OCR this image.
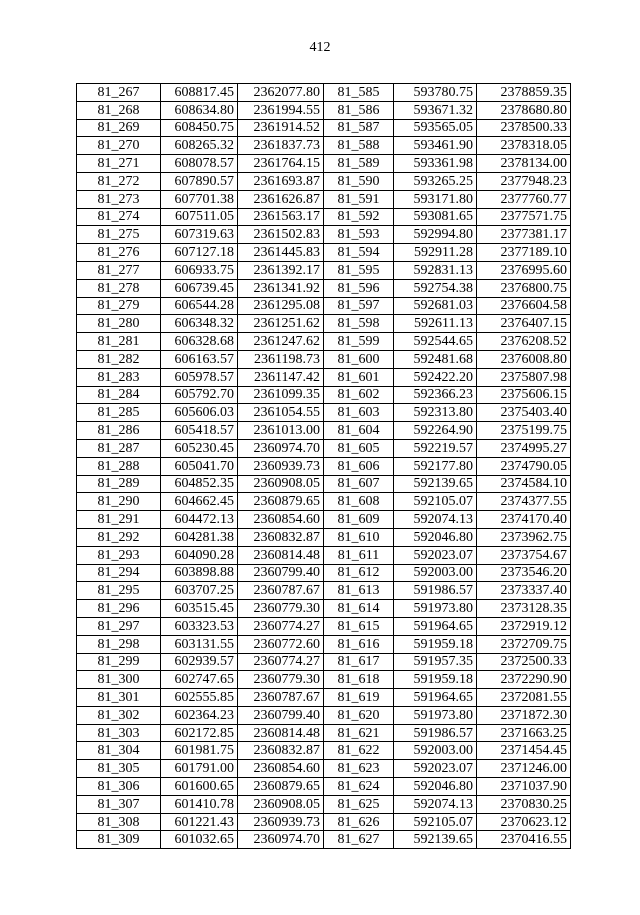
412
81_267	608817.45	2362077.80	81_585	593780.75	2378859.35
81_268	608634.80	2361994.55	81_586	593671.32	2378680.80
81_269	608450.75	2361914.52	81_587	593565.05	2378500.33
81_270	608265.32	2361837.73	81_588	593461.90	2378318.05
81_271	608078.57	2361764.15	81_589	593361.98	2378134.00
81_272	607890.57	2361693.87	81_590	593265.25	2377948.23
81_273	607701.38	2361626.87	81_591	593171.80	2377760.77
81_274	607511.05	2361563.17	81_592	593081.65	2377571.75
81_275	607319.63	2361502.83	81_593	592994.80	2377381.17
81_276	607127.18	2361445.83	81_594	592911.28	2377189.10
81_277	606933.75	2361392.17	81_595	592831.13	2376995.60
81_278	606739.45	2361341.92	81_596	592754.38	2376800.75
81_279	606544.28	2361295.08	81_597	592681.03	2376604.58
81_280	606348.32	2361251.62	81_598	592611.13	2376407.15
81_281	606328.68	2361247.62	81_599	592544.65	2376208.52
81_282	606163.57	2361198.73	81_600	592481.68	2376008.80
81_283	605978.57	2361147.42	81_601	592422.20	2375807.98
81_284	605792.70	2361099.35	81_602	592366.23	2375606.15
81_285	605606.03	2361054.55	81_603	592313.80	2375403.40
81_286	605418.57	2361013.00	81_604	592264.90	2375199.75
81_287	605230.45	2360974.70	81_605	592219.57	2374995.27
81_288	605041.70	2360939.73	81_606	592177.80	2374790.05
81_289	604852.35	2360908.05	81_607	592139.65	2374584.10
81_290	604662.45	2360879.65	81_608	592105.07	2374377.55
81_291	604472.13	2360854.60	81_609	592074.13	2374170.40
81_292	604281.38	2360832.87	81_610	592046.80	2373962.75
81_293	604090.28	2360814.48	81_611	592023.07	2373754.67
81_294	603898.88	2360799.40	81_612	592003.00	2373546.20
81_295	603707.25	2360787.67	81_613	591986.57	2373337.40
81_296	603515.45	2360779.30	81_614	591973.80	2373128.35
81_297	603323.53	2360774.27	81_615	591964.65	2372919.12
81_298	603131.55	2360772.60	81_616	591959.18	2372709.75
81_299	602939.57	2360774.27	81_617	591957.35	2372500.33
81_300	602747.65	2360779.30	81_618	591959.18	2372290.90
81_301	602555.85	2360787.67	81_619	591964.65	2372081.55
81_302	602364.23	2360799.40	81_620	591973.80	2371872.30
81_303	602172.85	2360814.48	81_621	591986.57	2371663.25
81_304	601981.75	2360832.87	81_622	592003.00	2371454.45
81_305	601791.00	2360854.60	81_623	592023.07	2371246.00
81_306	601600.65	2360879.65	81_624	592046.80	2371037.90
81_307	601410.78	2360908.05	81_625	592074.13	2370830.25
81_308	601221.43	2360939.73	81_626	592105.07	2370623.12
81_309	601032.65	2360974.70	81_627	592139.65	2370416.55
